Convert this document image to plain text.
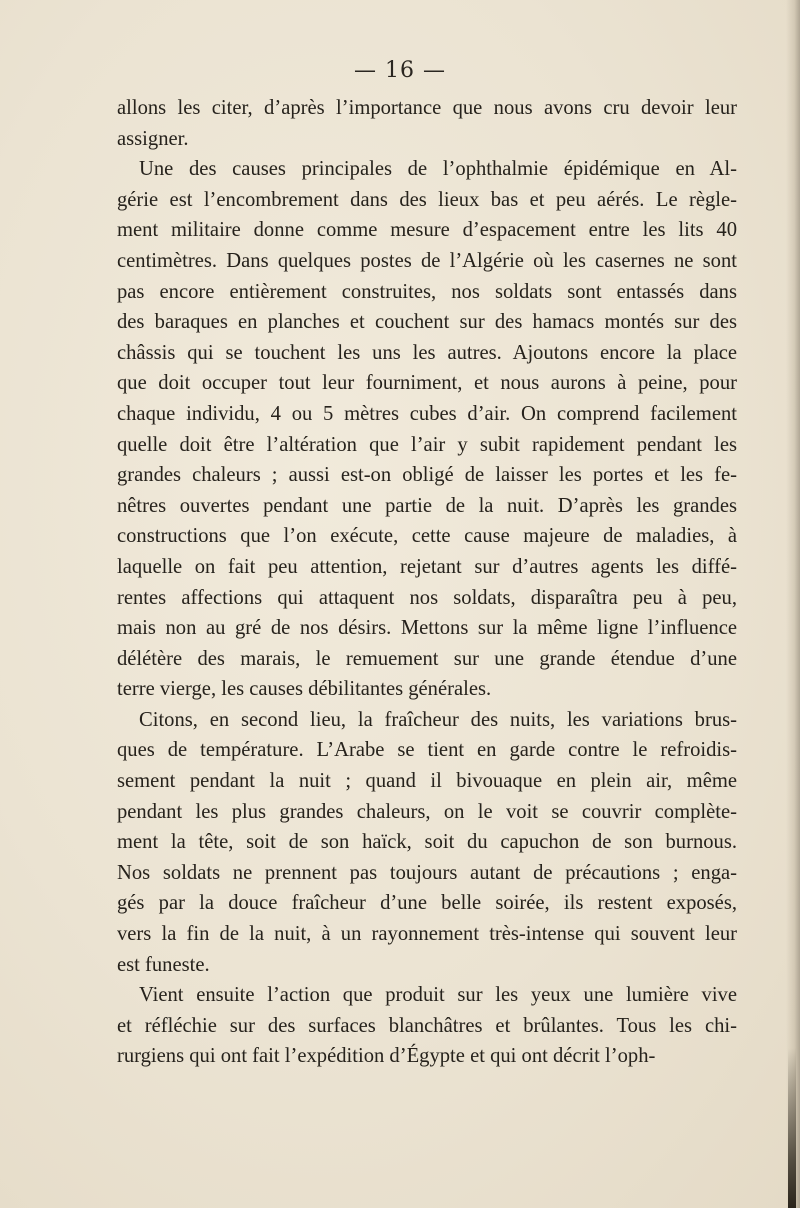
— 16 —
allons les citer, d’après l’importance que nous avons cru devoir leur
assigner.
Une des causes principales de l’ophthalmie épidémique en Al-
gérie est l’encombrement dans des lieux bas et peu aérés. Le règle-
ment militaire donne comme mesure d’espacement entre les lits 40
centimètres. Dans quelques postes de l’Algérie où les casernes ne sont
pas encore entièrement construites, nos soldats sont entassés dans
des baraques en planches et couchent sur des hamacs montés sur des
châssis qui se touchent les uns les autres. Ajoutons encore la place
que doit occuper tout leur fourniment, et nous aurons à peine, pour
chaque individu, 4 ou 5 mètres cubes d’air. On comprend facilement
quelle doit être l’altération que l’air y subit rapidement pendant les
grandes chaleurs ; aussi est-on obligé de laisser les portes et les fe-
nêtres ouvertes pendant une partie de la nuit. D’après les grandes
constructions que l’on exécute, cette cause majeure de maladies, à
laquelle on fait peu attention, rejetant sur d’autres agents les diffé-
rentes affections qui attaquent nos soldats, disparaîtra peu à peu,
mais non au gré de nos désirs. Mettons sur la même ligne l’influence
délétère des marais, le remuement sur une grande étendue d’une
terre vierge, les causes débilitantes générales.
Citons, en second lieu, la fraîcheur des nuits, les variations brus-
ques de température. L’Arabe se tient en garde contre le refroidis-
sement pendant la nuit ; quand il bivouaque en plein air, même
pendant les plus grandes chaleurs, on le voit se couvrir complète-
ment la tête, soit de son haïck, soit du capuchon de son burnous.
Nos soldats ne prennent pas toujours autant de précautions ; enga-
gés par la douce fraîcheur d’une belle soirée, ils restent exposés,
vers la fin de la nuit, à un rayonnement très-intense qui souvent leur
est funeste.
Vient ensuite l’action que produit sur les yeux une lumière vive
et réfléchie sur des surfaces blanchâtres et brûlantes. Tous les chi-
rurgiens qui ont fait l’expédition d’Égypte et qui ont décrit l’oph-
